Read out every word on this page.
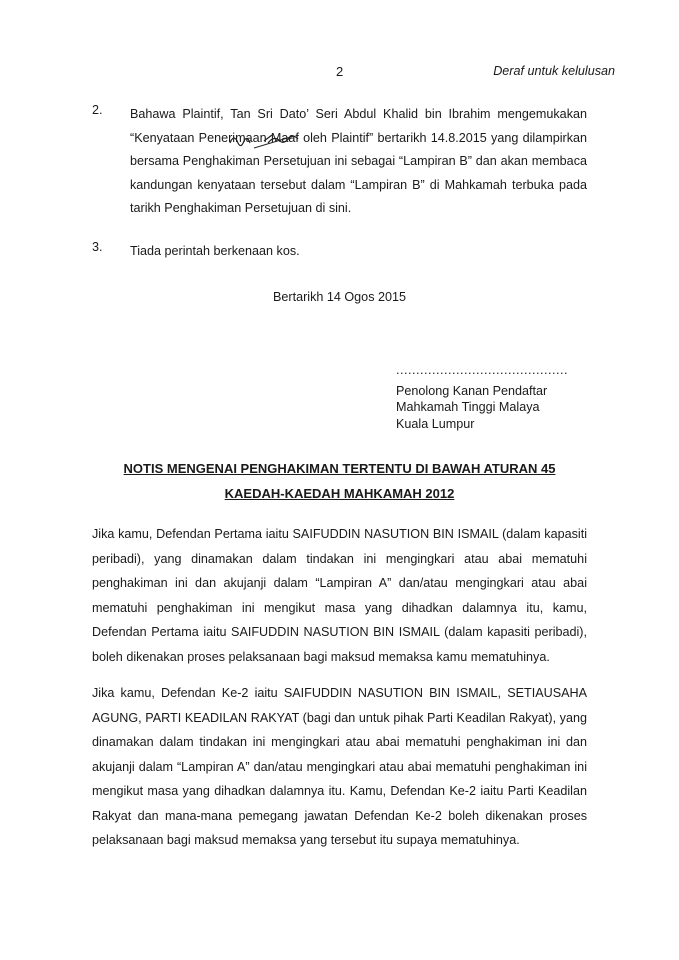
2	Deraf untuk kelulusan
2. Bahawa Plaintif, Tan Sri Dato’ Seri Abdul Khalid bin Ibrahim mengemukakan “Kenyataan Penerimaan Maaf oleh Plaintif” bertarikh 14.8.2015 yang dilampirkan bersama Penghakiman Persetujuan ini sebagai “Lampiran B” dan akan membaca kandungan kenyataan tersebut dalam “Lampiran B” di Mahkamah terbuka pada tarikh Penghakiman Persetujuan di sini.
3. Tiada perintah berkenaan kos.
Bertarikh 14 Ogos 2015
...........................................
Penolong Kanan Pendaftar
Mahkamah Tinggi Malaya
Kuala Lumpur
NOTIS MENGENAI PENGHAKIMAN TERTENTU DI BAWAH ATURAN 45
KAEDAH-KAEDAH MAHKAMAH 2012
Jika kamu, Defendan Pertama iaitu SAIFUDDIN NASUTION BIN ISMAIL (dalam kapasiti peribadi), yang dinamakan dalam tindakan ini mengingkari atau abai mematuhi penghakiman ini dan akujanji dalam “Lampiran A” dan/atau mengingkari atau abai mematuhi penghakiman ini mengikut masa yang dihadkan dalamnya itu, kamu, Defendan Pertama iaitu SAIFUDDIN NASUTION BIN ISMAIL (dalam kapasiti peribadi), boleh dikenakan proses pelaksanaan bagi maksud memaksa kamu mematuhinya.
Jika kamu, Defendan Ke-2 iaitu SAIFUDDIN NASUTION BIN ISMAIL, SETIAUSAHA AGUNG, PARTI KEADILAN RAKYAT (bagi dan untuk pihak Parti Keadilan Rakyat), yang dinamakan dalam tindakan ini mengingkari atau abai mematuhi penghakiman ini dan akujanji dalam “Lampiran A” dan/atau mengingkari atau abai mematuhi penghakiman ini mengikut masa yang dihadkan dalamnya itu. Kamu, Defendan Ke-2 iaitu Parti Keadilan Rakyat dan mana-mana pemegang jawatan Defendan Ke-2 boleh dikenakan proses pelaksanaan bagi maksud memaksa yang tersebut itu supaya mematuhinya.
